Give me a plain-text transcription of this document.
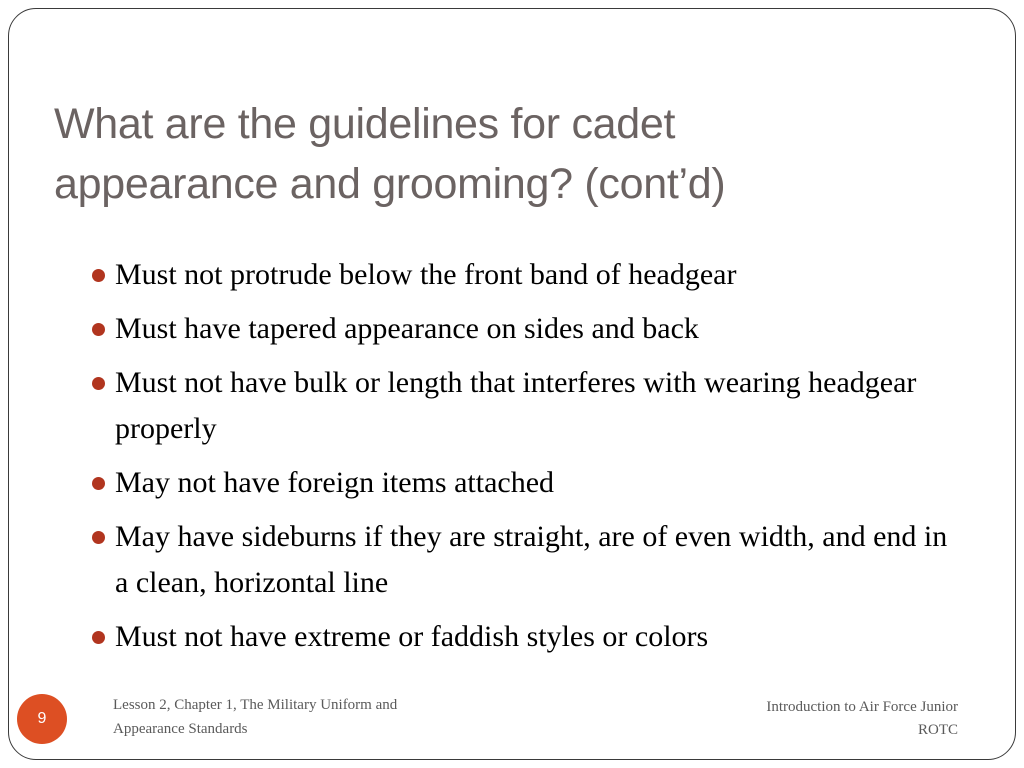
What are the guidelines for cadet
appearance and grooming? (cont’d)
Must not protrude below the front band of headgear
Must have tapered appearance on sides and back
Must not have bulk or length that interferes with wearing headgear properly
May not have foreign items attached
May have sideburns if they are straight, are of even width, and end in a clean, horizontal line
Must not have extreme or faddish styles or colors
9
Lesson 2, Chapter 1, The Military Uniform and
Appearance Standards
Introduction to Air Force Junior
ROTC
